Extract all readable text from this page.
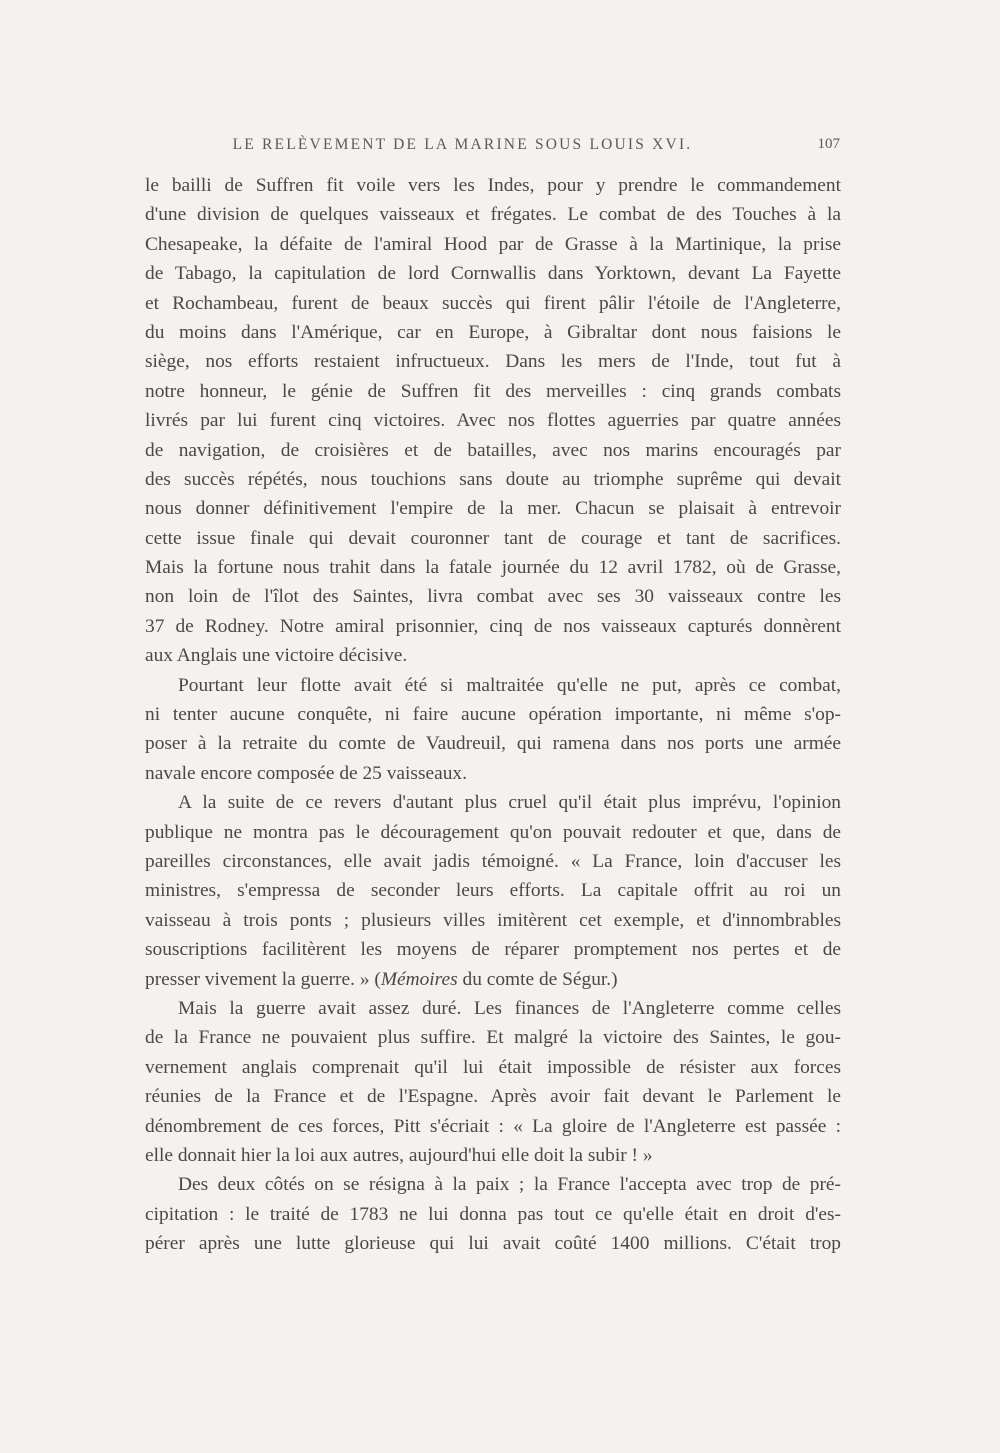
LE RELÈVEMENT DE LA MARINE SOUS LOUIS XVI.	107
le bailli de Suffren fit voile vers les Indes, pour y prendre le commandement
d'une division de quelques vaisseaux et frégates. Le combat de des Touches à la
Chesapeake, la défaite de l'amiral Hood par de Grasse à la Martinique, la prise
de Tabago, la capitulation de lord Cornwallis dans Yorktown, devant La Fayette
et Rochambeau, furent de beaux succès qui firent pâlir l'étoile de l'Angleterre,
du moins dans l'Amérique, car en Europe, à Gibraltar dont nous faisions le
siège, nos efforts restaient infructueux. Dans les mers de l'Inde, tout fut à
notre honneur, le génie de Suffren fit des merveilles : cinq grands combats
livrés par lui furent cinq victoires. Avec nos flottes aguerries par quatre années
de navigation, de croisières et de batailles, avec nos marins encouragés par
des succès répétés, nous touchions sans doute au triomphe suprême qui devait
nous donner définitivement l'empire de la mer. Chacun se plaisait à entrevoir
cette issue finale qui devait couronner tant de courage et tant de sacrifices.
Mais la fortune nous trahit dans la fatale journée du 12 avril 1782, où de Grasse,
non loin de l'îlot des Saintes, livra combat avec ses 30 vaisseaux contre les
37 de Rodney. Notre amiral prisonnier, cinq de nos vaisseaux capturés donnèrent
aux Anglais une victoire décisive.
Pourtant leur flotte avait été si maltraitée qu'elle ne put, après ce combat,
ni tenter aucune conquête, ni faire aucune opération importante, ni même s'op-
poser à la retraite du comte de Vaudreuil, qui ramena dans nos ports une armée
navale encore composée de 25 vaisseaux.
A la suite de ce revers d'autant plus cruel qu'il était plus imprévu, l'opinion
publique ne montra pas le découragement qu'on pouvait redouter et que, dans de
pareilles circonstances, elle avait jadis témoigné. « La France, loin d'accuser les
ministres, s'empressa de seconder leurs efforts. La capitale offrit au roi un
vaisseau à trois ponts ; plusieurs villes imitèrent cet exemple, et d'innombrables
souscriptions facilitèrent les moyens de réparer promptement nos pertes et de
presser vivement la guerre. » (Mémoires du comte de Ségur.)
Mais la guerre avait assez duré. Les finances de l'Angleterre comme celles
de la France ne pouvaient plus suffire. Et malgré la victoire des Saintes, le gou-
vernement anglais comprenait qu'il lui était impossible de résister aux forces
réunies de la France et de l'Espagne. Après avoir fait devant le Parlement le
dénombrement de ces forces, Pitt s'écriait : « La gloire de l'Angleterre est passée :
elle donnait hier la loi aux autres, aujourd'hui elle doit la subir ! »
Des deux côtés on se résigna à la paix ; la France l'accepta avec trop de pré-
cipitation : le traité de 1783 ne lui donna pas tout ce qu'elle était en droit d'es-
pérer après une lutte glorieuse qui lui avait coûté 1400 millions. C'était trop
